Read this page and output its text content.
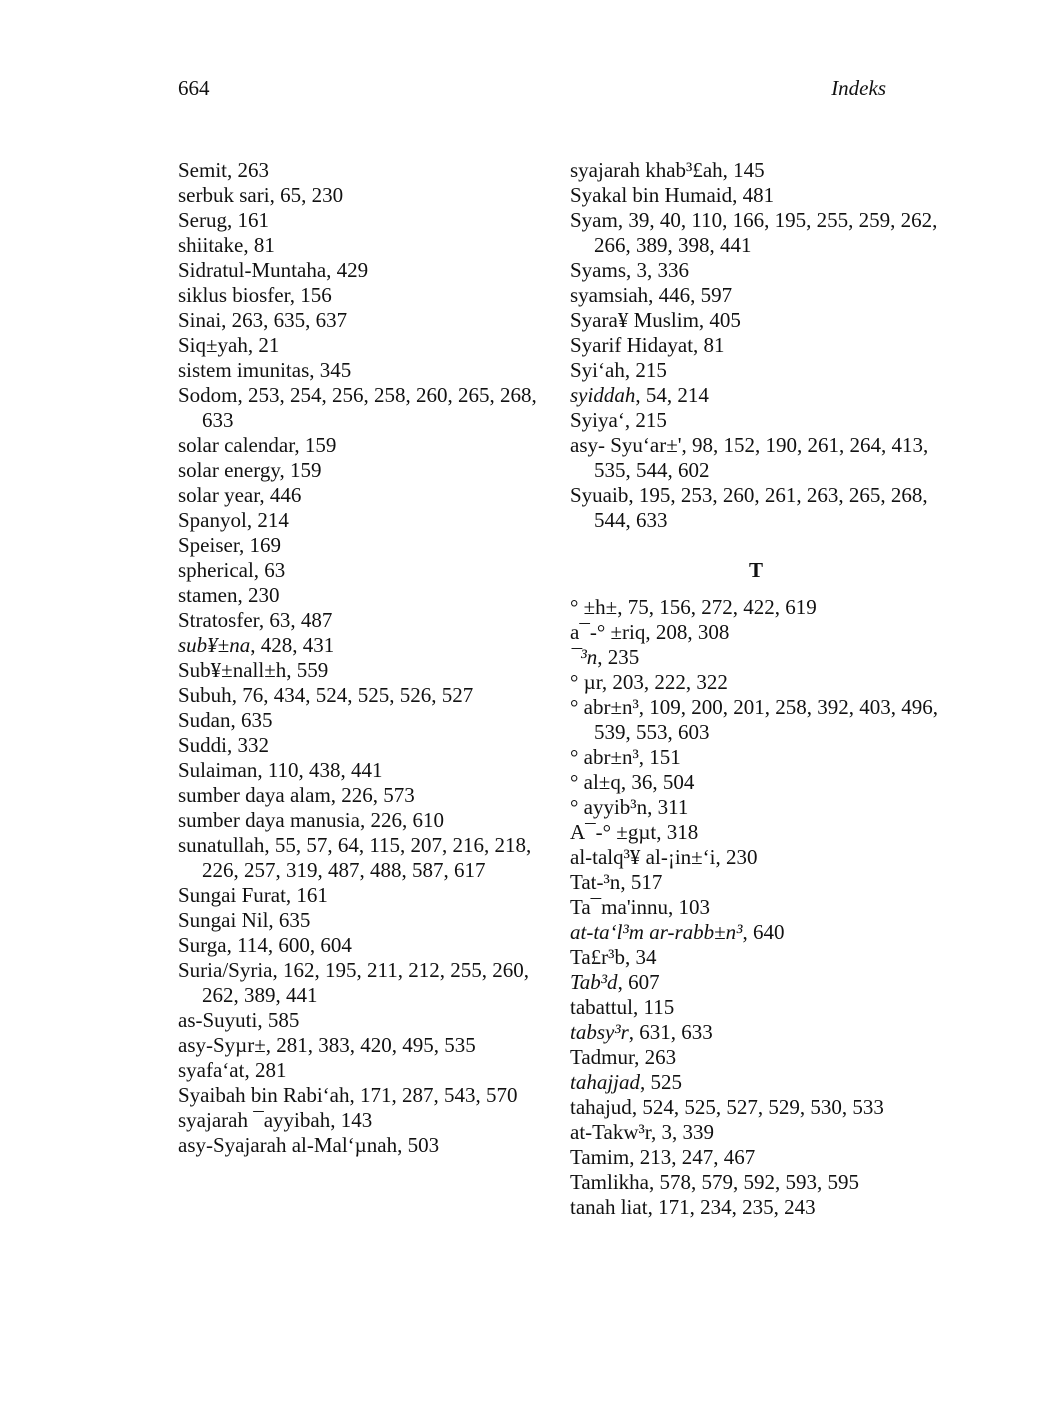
664	Indeks
Semit, 263
serbuk sari, 65, 230
Serug, 161
shiitake, 81
Sidratul-Muntaha, 429
siklus biosfer, 156
Sinai, 263, 635, 637
Siq±yah, 21
sistem imunitas, 345
Sodom, 253, 254, 256, 258, 260, 265, 268, 633
solar calendar, 159
solar energy, 159
solar year, 446
Spanyol, 214
Speiser, 169
spherical, 63
stamen, 230
Stratosfer, 63, 487
sub¥±na, 428, 431
Sub¥±nall±h, 559
Subuh, 76, 434, 524, 525, 526, 527
Sudan, 635
Suddi, 332
Sulaiman, 110, 438, 441
sumber daya alam, 226, 573
sumber daya manusia, 226, 610
sunatullah, 55, 57, 64, 115, 207, 216, 218, 226, 257, 319, 487, 488, 587, 617
Sungai Furat, 161
Sungai Nil, 635
Surga, 114, 600, 604
Suria/Syria, 162, 195, 211, 212, 255, 260, 262, 389, 441
as-Suyuti, 585
asy-Syµr±, 281, 383, 420, 495, 535
syafa‘at, 281
Syaibah bin Rabi‘ah, 171, 287, 543, 570
syajarah ¯ayyibah, 143
asy-Syajarah al-Mal‘µnah, 503
syajarah khab³£ah, 145
Syakal bin Humaid, 481
Syam, 39, 40, 110, 166, 195, 255, 259, 262, 266, 389, 398, 441
Syams, 3, 336
syamsiah, 446, 597
Syara¥ Muslim, 405
Syarif Hidayat, 81
Syi‘ah, 215
syiddah, 54, 214
Syiya‘, 215
asy- Syu‘ar±', 98, 152, 190, 261, 264, 413, 535, 544, 602
Syuaib, 195, 253, 260, 261, 263, 265, 268, 544, 633
T
° ±h±, 75, 156, 272, 422, 619
a¯-° ±riq, 208, 308
¯³n, 235
° µr, 203, 222, 322
° abr±n³, 109, 200, 201, 258, 392, 403, 496, 539, 553, 603
° abr±n³, 151
° al±q, 36, 504
° ayyib³n, 311
A¯-° ±gµt, 318
al-talq³¥ al-¡in±‘i, 230
Tat-³n, 517
Ta¯ma'innu, 103
at-ta‘l³m ar-rabb±n³, 640
Ta£r³b, 34
Tab³d, 607
tabattul, 115
tabsy³r, 631, 633
Tadmur, 263
tahajjad, 525
tahajud, 524, 525, 527, 529, 530, 533
at-Takw³r, 3, 339
Tamim, 213, 247, 467
Tamlikha, 578, 579, 592, 593, 595
tanah liat, 171, 234, 235, 243
